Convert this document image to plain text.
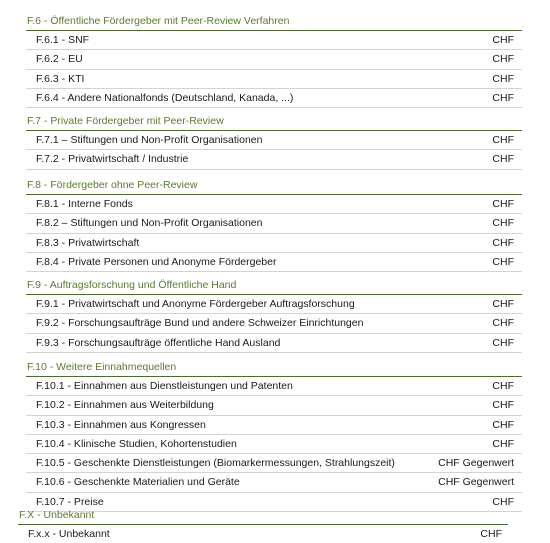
F.6 - Öffentliche Fördergeber mit Peer-Review Verfahren
F.6.1 - SNF	CHF
F.6.2 - EU	CHF
F.6.3 - KTI	CHF
F.6.4 - Andere Nationalfonds (Deutschland, Kanada, ...)	CHF
F.7 - Private Fördergeber mit Peer-Review
F.7.1 – Stiftungen und Non-Profit Organisationen	CHF
F.7.2 - Privatwirtschaft / Industrie	CHF
F.8 - Fördergeber ohne Peer-Review
F.8.1 - Interne Fonds	CHF
F.8.2 – Stiftungen und Non-Profit Organisationen	CHF
F.8.3 - Privatwirtschaft	CHF
F.8.4 - Private Personen und Anonyme Fördergeber	CHF
F.9 - Auftragsforschung und Öffentliche Hand
F.9.1 - Privatwirtschaft und Anonyme Fördergeber Auftragsforschung	CHF
F.9.2 - Forschungsaufträge Bund und andere Schweizer Einrichtungen	CHF
F.9.3 - Forschungsaufträge öffentliche Hand Ausland	CHF
F.10 - Weitere Einnahmequellen
F.10.1 - Einnahmen aus Dienstleistungen und Patenten	CHF
F.10.2 - Einnahmen aus Weiterbildung	CHF
F.10.3 - Einnahmen aus Kongressen	CHF
F.10.4 - Klinische Studien, Kohortenstudien	CHF
F.10.5 - Geschenkte Dienstleistungen (Biomarkermessungen, Strahlungszeit)	CHF Gegenwert
F.10.6 - Geschenkte Materialien und Geräte	CHF Gegenwert
F.10.7 - Preise	CHF
F.X - Unbekannt
F.x.x - Unbekannt	CHF
